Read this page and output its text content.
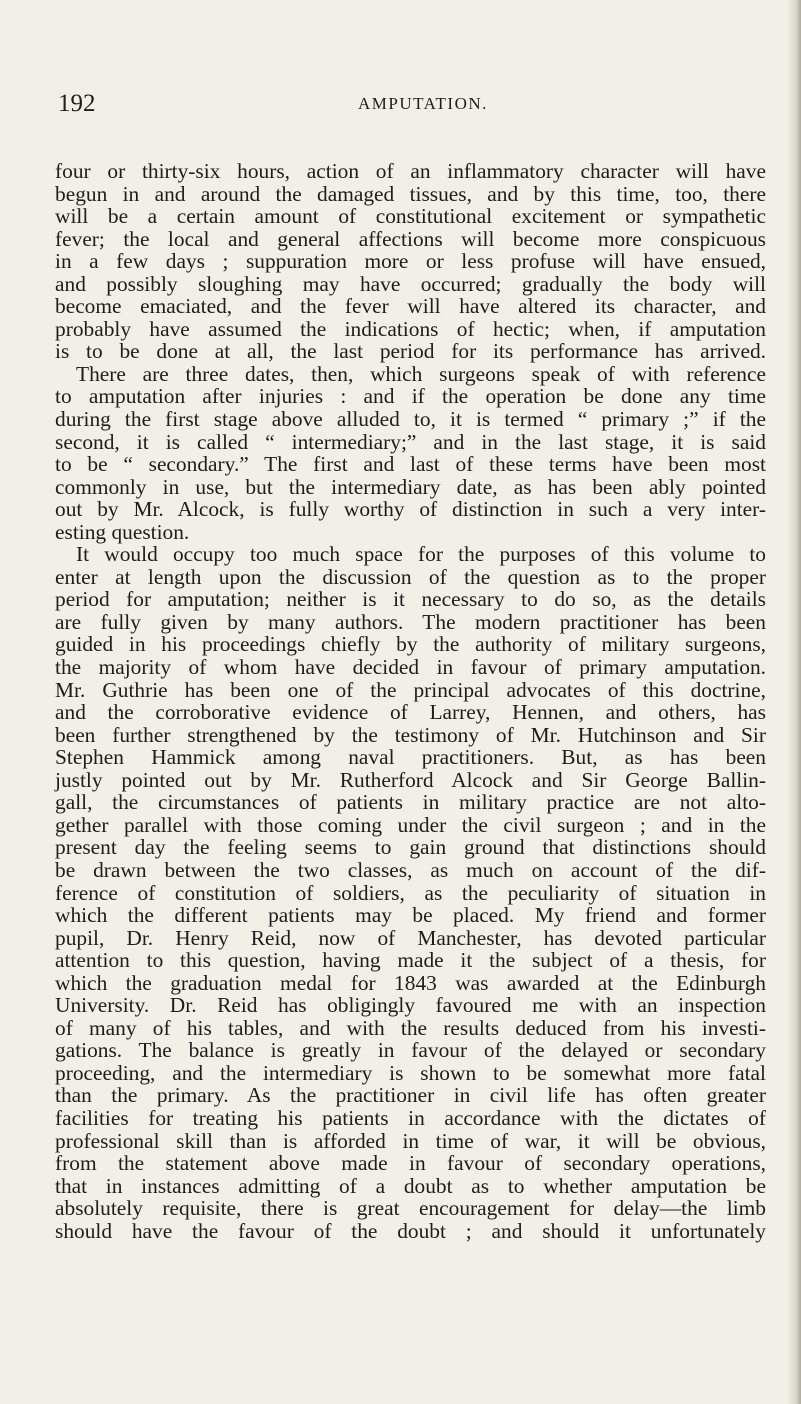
192	AMPUTATION.
four or thirty-six hours, action of an inflammatory character will have
begun in and around the damaged tissues, and by this time, too, there
will be a certain amount of constitutional excitement or sympathetic
fever; the local and general affections will become more conspicuous
in a few days ; suppuration more or less profuse will have ensued,
and possibly sloughing may have occurred; gradually the body will
become emaciated, and the fever will have altered its character, and
probably have assumed the indications of hectic; when, if amputation
is to be done at all, the last period for its performance has arrived.
There are three dates, then, which surgeons speak of with reference
to amputation after injuries : and if the operation be done any time
during the first stage above alluded to, it is termed “ primary ;” if the
second, it is called “ intermediary;” and in the last stage, it is said
to be “ secondary.” The first and last of these terms have been most
commonly in use, but the intermediary date, as has been ably pointed
out by Mr. Alcock, is fully worthy of distinction in such a very inter-
esting question.
It would occupy too much space for the purposes of this volume to
enter at length upon the discussion of the question as to the proper
period for amputation; neither is it necessary to do so, as the details
are fully given by many authors. The modern practitioner has been
guided in his proceedings chiefly by the authority of military surgeons,
the majority of whom have decided in favour of primary amputation.
Mr. Guthrie has been one of the principal advocates of this doctrine,
and the corroborative evidence of Larrey, Hennen, and others, has
been further strengthened by the testimony of Mr. Hutchinson and Sir
Stephen Hammick among naval practitioners. But, as has been
justly pointed out by Mr. Rutherford Alcock and Sir George Ballin-
gall, the circumstances of patients in military practice are not alto-
gether parallel with those coming under the civil surgeon ; and in the
present day the feeling seems to gain ground that distinctions should
be drawn between the two classes, as much on account of the dif-
ference of constitution of soldiers, as the peculiarity of situation in
which the different patients may be placed. My friend and former
pupil, Dr. Henry Reid, now of Manchester, has devoted particular
attention to this question, having made it the subject of a thesis, for
which the graduation medal for 1843 was awarded at the Edinburgh
University. Dr. Reid has obligingly favoured me with an inspection
of many of his tables, and with the results deduced from his investi-
gations. The balance is greatly in favour of the delayed or secondary
proceeding, and the intermediary is shown to be somewhat more fatal
than the primary. As the practitioner in civil life has often greater
facilities for treating his patients in accordance with the dictates of
professional skill than is afforded in time of war, it will be obvious,
from the statement above made in favour of secondary operations,
that in instances admitting of a doubt as to whether amputation be
absolutely requisite, there is great encouragement for delay—the limb
should have the favour of the doubt ; and should it unfortunately
